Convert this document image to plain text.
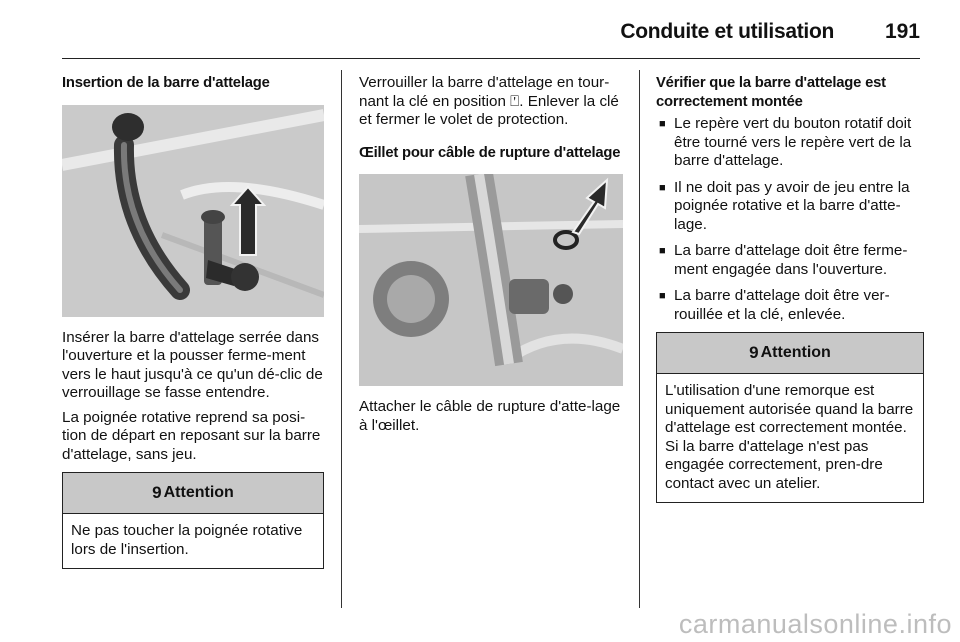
Conduite et utilisation 191
Insertion de la barre d'attelage

Insérer la barre d'attelage serrée dans l'ouverture et la pousser ferme-ment vers le haut jusqu'à ce qu'un dé-clic de verrouillage se fasse entendre.

La poignée rotative reprend sa posi-tion de départ en reposant sur la barre d'attelage, sans jeu.

9 Attention
Ne pas toucher la poignée rotative lors de l'insertion.

Verrouiller la barre d'attelage en tour-nant la clé en position ⍞. Enlever la clé et fermer le volet de protection.

Œillet pour câble de rupture d'attelage

Attacher le câble de rupture d'atte-lage à l'œillet.

Vérifier que la barre d'attelage est correctement montée
■ Le repère vert du bouton rotatif doit être tourné vers le repère vert de la barre d'attelage.
■ Il ne doit pas y avoir de jeu entre la poignée rotative et la barre d'atte-lage.
■ La barre d'attelage doit être ferme-ment engagée dans l'ouverture.
■ La barre d'attelage doit être ver-rouillée et la clé, enlevée.
9 Attention
L'utilisation d'une remorque est uniquement autorisée quand la barre d'attelage est correctement montée. Si la barre d'attelage n'est pas engagée correctement, pren-dre contact avec un atelier.
carmanualsonline.info
